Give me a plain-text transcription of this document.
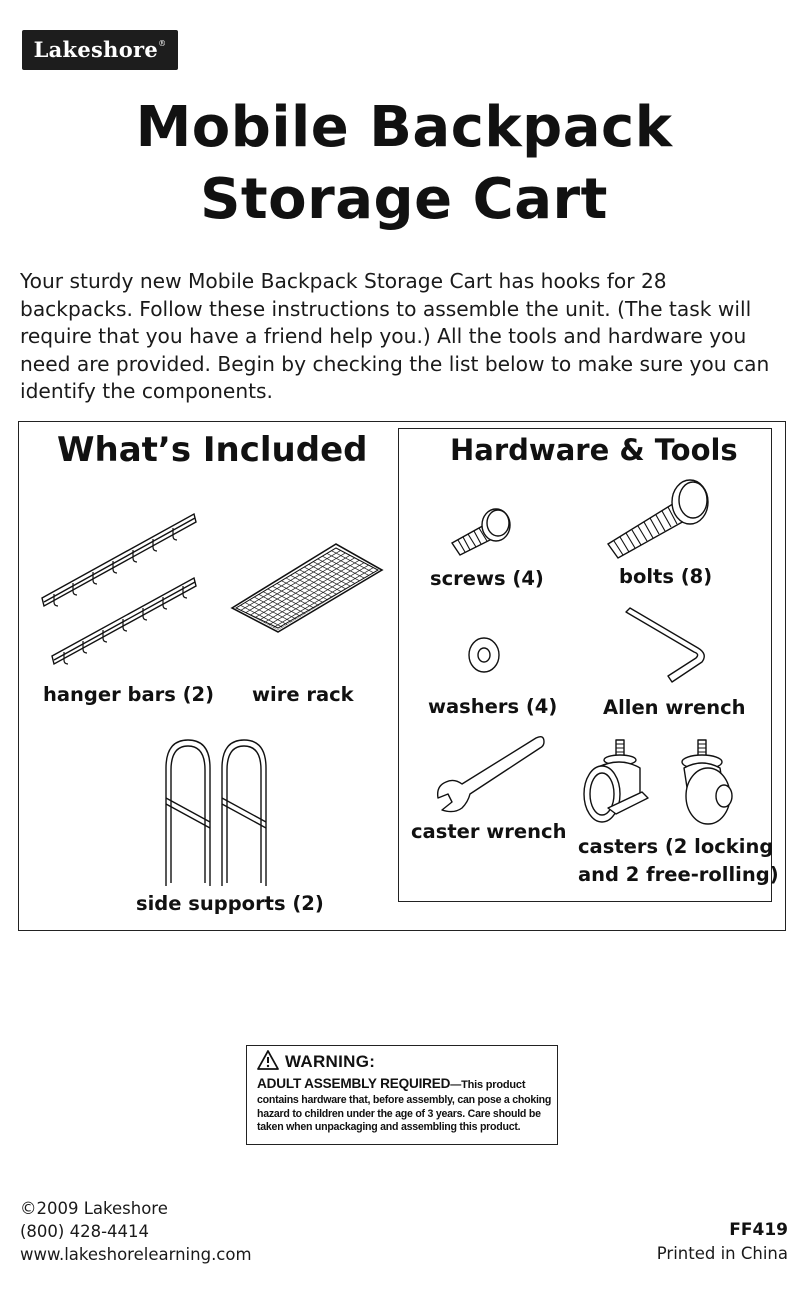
Lakeshore®
Mobile Backpack
Storage Cart
Your sturdy new Mobile Backpack Storage Cart has hooks for 28
backpacks. Follow these instructions to assemble the unit. (The task will
require that you have a friend help you.) All the tools and hardware you
need are provided. Begin by checking the list below to make sure you can
identify the components.
What’s Included	Hardware & Tools
hanger bars (2) wire rack
side supports (2)
screws (4)	bolts (8)
washers (4) Allen wrench
caster wrench
casters (2 locking
and 2 free-rolling)
WARNING:
ADULT ASSEMBLY REQUIRED—This product
contains hardware that, before assembly, can pose a choking hazard to children under the age of 3 years. Care should be taken when unpackaging and assembling this product.
©2009 Lakeshore
(800) 428-4414
www.lakeshorelearning.com
FF419
Printed in China
